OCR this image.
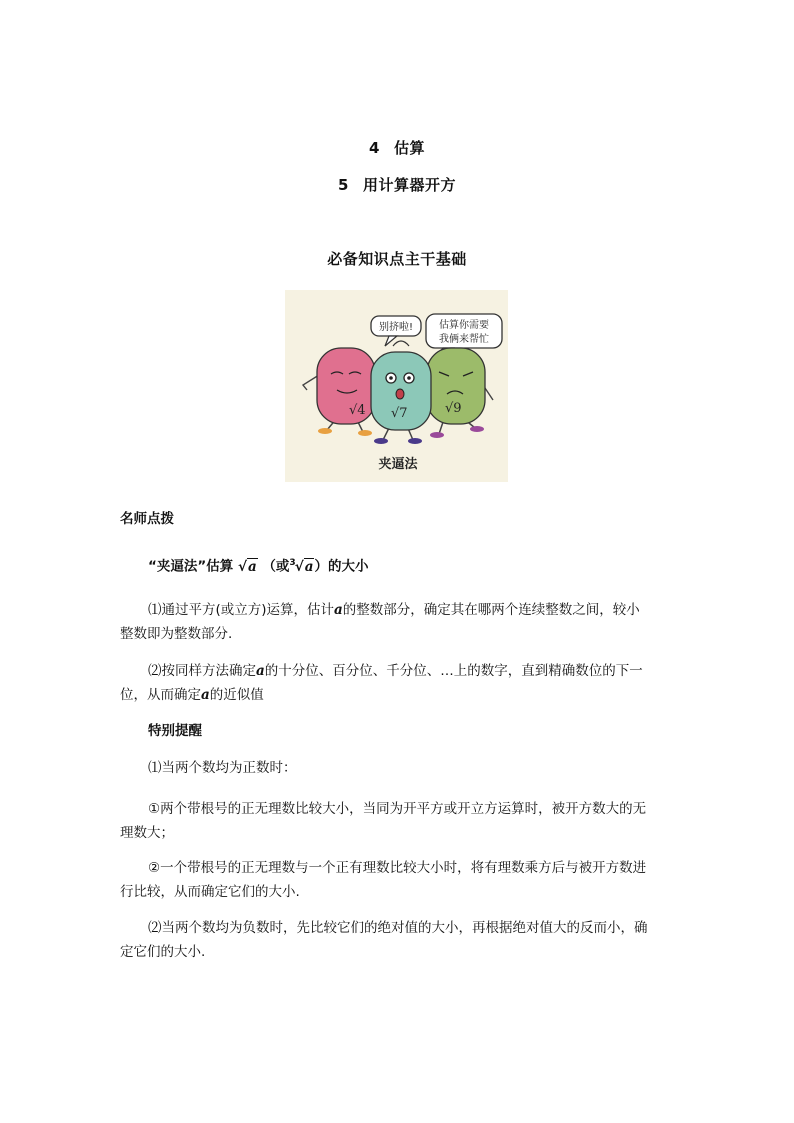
4 估算
5 用计算器开方
必备知识点主干基础
别挤啦!	估算你需要
我俩来帮忙
√4	√9
√7
夹逼法
名师点拨
“夹逼法”估算 √a （或$^3$√a）的大小
⑴通过平方(或立方)运算，估计a的整数部分，确定其在哪两个连续整数之间，较小
整数即为整数部分.
⑵按同样方法确定a的十分位、百分位、千分位、…上的数字，直到精确数位的下一
位，从而确定a的近似值
特别提醒
⑴当两个数均为正数时：
①两个带根号的正无理数比较大小，当同为开平方或开立方运算时，被开方数大的无
理数大；
②一个带根号的正无理数与一个正有理数比较大小时，将有理数乘方后与被开方数进
行比较，从而确定它们的大小.
⑵当两个数均为负数时，先比较它们的绝对值的大小，再根据绝对值大的反而小，确
定它们的大小.
